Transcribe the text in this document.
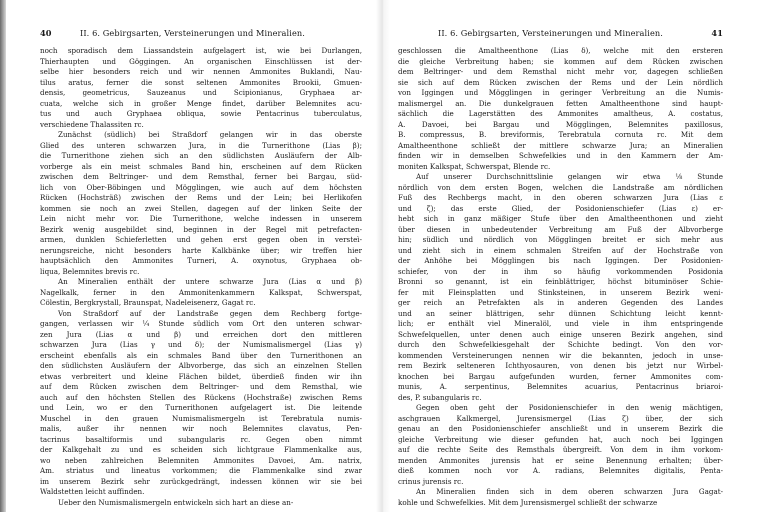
40	II. 6. Gebirgsarten, Versteinerungen und Mineralien.

noch sporadisch dem Liassandstein aufgelagert ist, wie bei Durlangen,
Thierhaupten und Göggingen. An organischen Einschlüssen ist der-
selbe hier besonders reich und wir nennen Ammonites Buklandi, Nau-
tilus aratus, ferner die sonst seltenen Ammonites Brookii, Gmuen-
densis, geometricus, Sauzeanus und Scipionianus, Gryphaea ar-
cuata, welche sich in großer Menge findet, darüber Belemnites acu-
tus und auch Gryphaea obliqua, sowie Pentacrinus tuberculatus,
verschiedene Thalassiten rc.

Zunächst (südlich) bei Straßdorf gelangen wir in das oberste
Glied des unteren schwarzen Jura, in die Turnerithone (Lias β);
die Turnerithone ziehen sich an den südlichsten Ausläufern der Alb-
vorberge als ein meist schmales Band hin, erscheinen auf dem Rücken
zwischen dem Beltringer- und dem Remsthal, ferner bei Bargau, süd-
lich von Ober-Böbingen und Mögglingen, wie auch auf dem höchsten
Rücken (Hochsträß) zwischen der Rems und der Lein; bei Herlikofen
kommen sie noch an zwei Stellen, dagegen auf der linken Seite der
Lein nicht mehr vor. Die Turnerithone, welche indessen in unserem
Bezirk wenig ausgebildet sind, beginnen in der Regel mit petrefacten-
armen, dunklen Schieferletten und gehen erst gegen oben in versteì-
nerungsreiche, nicht besonders harte Kalkbänke über; wir treffen hier
hauptsächlich den Ammonites Turneri, A. oxynotus, Gryphaea ob-
liqua, Belemnites brevis rc.

An Mineralien enthält der untere schwarze Jura (Lias α und β)
Nagelkalk, ferner in den Ammonitenkammern Kalkspat, Schwerspat,
Cölestin, Bergkrystall, Braunspat, Nadeleisenerz, Gagat rc.

Von Straßdorf auf der Landstraße gegen dem Rechberg fortge-
gangen, verlassen wir ¼ Stunde südlich vom Ort den unteren schwar-
zen Jura (Lias α und β) und erreichen dort den mittleren
schwarzen Jura (Lias γ und δ); der Numismalismergel (Lias γ)
erscheint ebenfalls als ein schmales Band über den Turnerithonen an
den südlichsten Ausläufern der Albvorberge, das sich an einzelnen Stellen
etwas verbreitert und kleine Flächen bildet, überdieß finden wir ihn
auf dem Rücken zwischen dem Beltringer- und dem Remsthal, wie
auch auf den höchsten Stellen des Rückens (Hochstraße) zwischen Rems
und Lein, wo er den Turnerithonen aufgelagert ist. Die leitende
Muschel in den grauen Numismalismergeln ist Terebratula numis-
malis, außer ihr nennen wir noch Belemnites clavatus, Pen-
tacrinus basaltiformis und subangularis rc. Gegen oben nimmt
der Kalkgehalt zu und es scheiden sich lichtgraue Flammenkalke aus,
wo neben zahlreichen Belemniten Ammonites Davoei, Am. natrix,
Am. striatus und lineatus vorkommen; die Flammenkalke sind zwar
im unserem Bezirk sehr zurückgedrängt, indessen können wir sie bei
Waldstetten leicht auffinden.

Ueber den Numismalismergeln entwickeln sich hart an diese an-

II. 6. Gebirgsarten, Versteinerungen und Mineralien.	41

geschlossen die Amaltheenthone (Lias δ), welche mit den ersteren
die gleiche Verbreitung haben; sie kommen auf dem Rücken zwischen
dem Beltringer- und dem Remsthal nicht mehr vor, dagegen schließen
sie sich auf dem Rücken zwischen der Rems und der Lein nördlich
von Iggingen und Mögglingen in geringer Verbreitung an die Numis-
malismergel an. Die dunkelgrauen fetten Amaltheenthone sind haupt-
sächlich die Lagerstätten des Ammonites amaltheus, A. costatus,
A. Davoei, bei Bargau und Mögglingen, Belemnites paxillosus,
B. compressus, B. breviformis, Terebratula cornuta rc. Mit dem
Amaltheenthone schließt der mittlere schwarze Jura; an Mineralien
finden wir in demselben Schwefelkies und in den Kammern der Am-
moniten Kalkspat, Schwerspat, Blende rc.

Auf unserer Durchschnittslinie gelangen wir etwa ⅛ Stunde
nördlich von dem ersten Bogen, welchen die Landstraße am nördlichen
Fuß des Rechbergs macht, in den oberen schwarzen Jura (Lias ε
und ζ); das erste Glied, der Posidonienschiefer (Lias ε) er-
hebt sich in ganz mäßiger Stufe über den Amaltheenthonen und zieht
über diesen in unbedeutender Verbreitung am Fuß der Albvorberge
hin; südlich und nördlich von Mögglingen breitet er sich mehr aus
und zieht sich in einem schmalen Streifen auf der Hochstraße von
der Anhöhe bei Mögglingen bis nach Iggingen. Der Posidonien-
schiefer, von der in ihm so häufig vorkommenden Posidonia
Bronni so genannt, ist ein feinblättriger, höchst bituminöser Schie-
fer mit Fleinsplatten und Stinksteinen, in unserem Bezirk weni-
ger reich an Petrefakten als in anderen Gegenden des Landes
und an seiner blättrigen, sehr dünnen Schichtung leicht kennt-
lich; er enthält viel Mineralöl, und viele in ihm entspringende
Schwefelquellen, unter denen auch einige unseren Bezirk angehen, sind
durch den Schwefelkiesgehalt der Schichte bedingt. Von den vor-
kommenden Versteinerungen nennen wir die bekannten, jedoch in unse-
rem Bezirk selteneren Ichthyosauren, von denen bis jetzt nur Wirbel-
knochen bei Bargau aufgefunden wurden, ferner Ammonites com-
munis, A. serpentinus, Belemnites acuarius, Pentacrinus briaroi-
des, P. subangularis rc.

Gegen oben geht der Posidonienschiefer in den wenig mächtigen,
aschgrauen Kalkmergel, Jurensismergel (Lias ζ) über, der sich
genau an den Posidonienschiefer anschließt und in unserem Bezirk die
gleiche Verbreitung wie dieser gefunden hat, auch noch bei Iggingen
auf die rechte Seite des Remsthals übergreift. Von dem in ihm vorkom-
menden Ammonites jurensis hat er seine Benennung erhalten; über-
dieß kommen noch vor A. radians, Belemnites digitalis, Penta-
crinus jurensis rc.

An Mineralien finden sich in dem oberen schwarzen Jura Gagat-
kohle und Schwefelkies. Mit dem Jurensismergel schließt der schwarze
